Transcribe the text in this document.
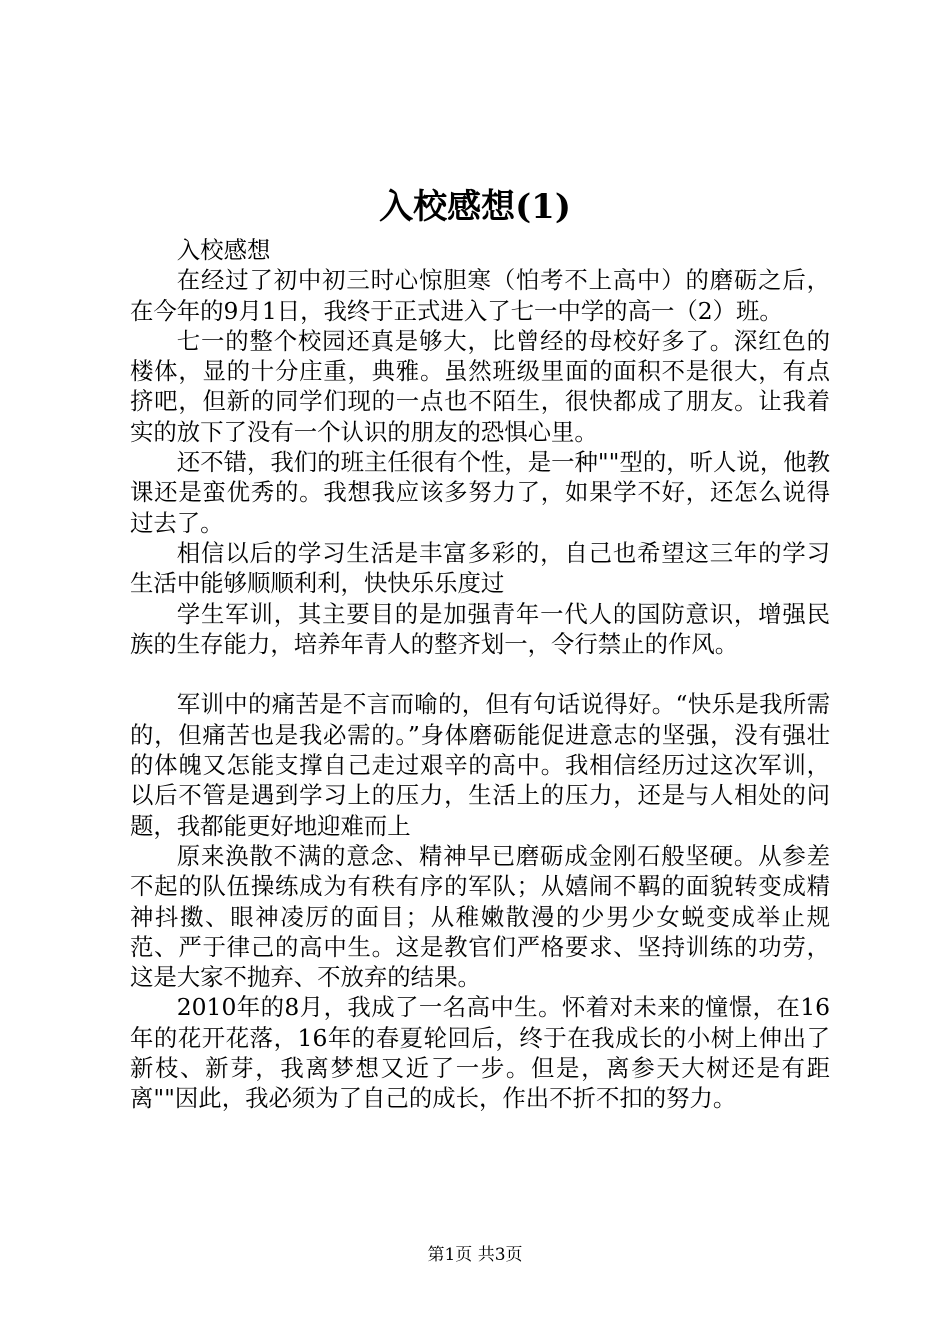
入校感想(1)

入校感想

在经过了初中初三时心惊胆寒（怕考不上高中）的磨砺之后，在今年的9月1日，我终于正式进入了七一中学的高一（2）班。

七一的整个校园还真是够大，比曾经的母校好多了。深红色的楼体，显的十分庄重，典雅。虽然班级里面的面积不是很大，有点挤吧，但新的同学们现的一点也不陌生，很快都成了朋友。让我着实的放下了没有一个认识的朋友的恐惧心里。

还不错，我们的班主任很有个性，是一种""型的，听人说，他教课还是蛮优秀的。我想我应该多努力了，如果学不好，还怎么说得过去了。

相信以后的学习生活是丰富多彩的，自己也希望这三年的学习生活中能够顺顺利利，快快乐乐度过

学生军训，其主要目的是加强青年一代人的国防意识，增强民族的生存能力，培养年青人的整齐划一，令行禁止的作风。

军训中的痛苦是不言而喻的，但有句话说得好。“快乐是我所需的，但痛苦也是我必需的。”身体磨砺能促进意志的坚强，没有强壮的体魄又怎能支撑自己走过艰辛的高中。我相信经历过这次军训，以后不管是遇到学习上的压力，生活上的压力，还是与人相处的问题，我都能更好地迎难而上

原来涣散不满的意念、精神早已磨砺成金刚石般坚硬。从参差不起的队伍操练成为有秩有序的军队；从嬉闹不羁的面貌转变成精神抖擞、眼神凌厉的面目；从稚嫩散漫的少男少女蜕变成举止规范、严于律己的高中生。这是教官们严格要求、坚持训练的功劳，这是大家不抛弃、不放弃的结果。

2010年的8月，我成了一名高中生。怀着对未来的憧憬，在16年的花开花落，16年的春夏轮回后，终于在我成长的小树上伸出了新枝、新芽，我离梦想又近了一步。但是，离参天大树还是有距离""因此，我必须为了自己的成长，作出不折不扣的努力。

第1页 共3页
